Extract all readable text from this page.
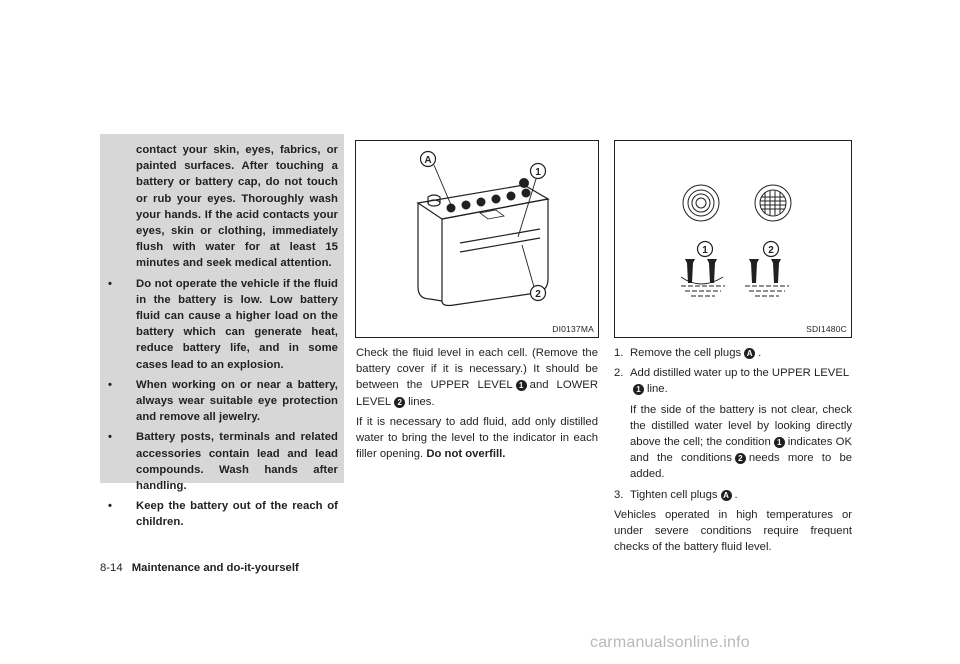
contact your skin, eyes, fabrics, or painted surfaces. After touching a battery or battery cap, do not touch or rub your eyes. Thoroughly wash your hands. If the acid contacts your eyes, skin or clothing, immediately flush with water for at least 15 minutes and seek medical attention.

• Do not operate the vehicle if the fluid in the battery is low. Low battery fluid can cause a higher load on the battery which can generate heat, reduce battery life, and in some cases lead to an explosion.
• When working on or near a battery, always wear suitable eye protection and remove all jewelry.
• Battery posts, terminals and related accessories contain lead and lead compounds. Wash hands after handling.
• Keep the battery out of the reach of children.
A
1
2
DI0137MA
1	2
SDI1480C

Check the fluid level in each cell. (Remove the battery cover if it is necessary.) It should be between the UPPER LEVEL 1 and LOWER LEVEL 2 lines.

If it is necessary to add fluid, add only distilled water to bring the level to the indicator in each filler opening. Do not overfill.

1. Remove the cell plugs A .
2. Add distilled water up to the UPPER LEVEL
1 line.

If the side of the battery is not clear, check the distilled water level by looking directly above the cell; the condition 1 indicates OK and the conditions 2 needs more to be added.

3. Tighten cell plugs A .

Vehicles operated in high temperatures or under severe conditions require frequent checks of the battery fluid level.

8-14 Maintenance and do-it-yourself
carmanualsonline.info
